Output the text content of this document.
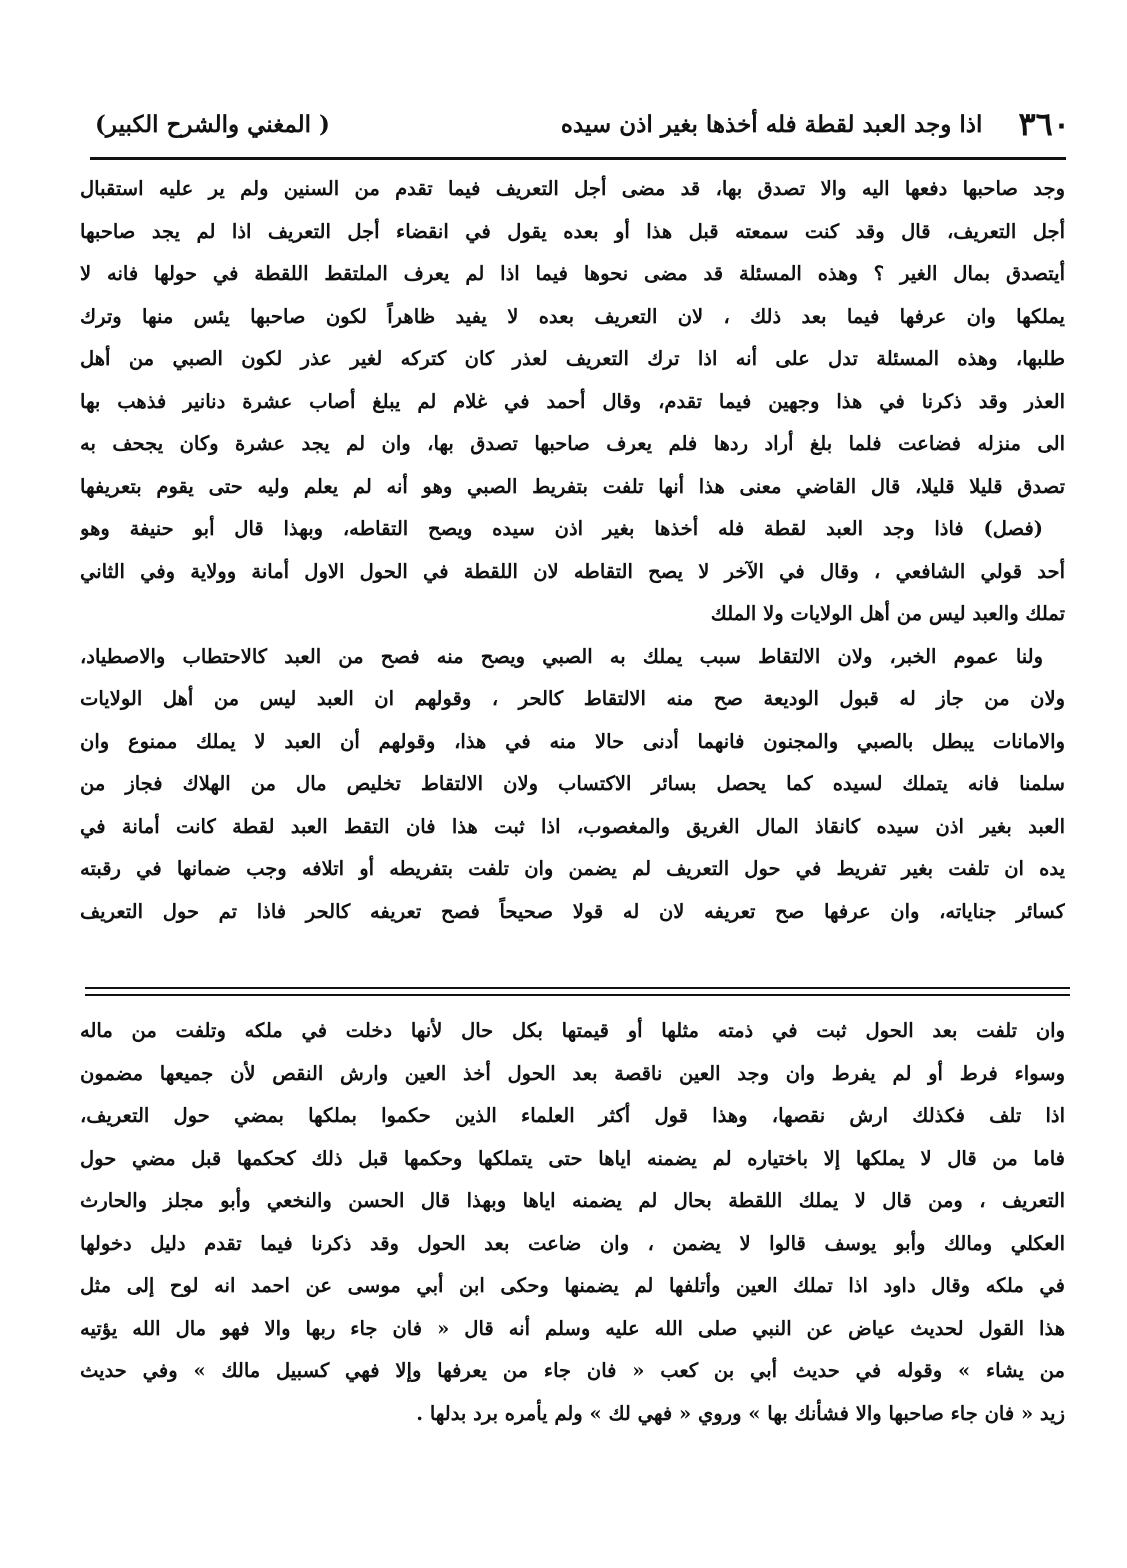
٣٦٠
اذا وجد العبد لقطة فله أخذها بغير اذن سيده
( المغني والشرح الكبير)
وجد صاحبها دفعها اليه والا تصدق بها، قد مضى أجل التعريف فيما تقدم من السنين ولم ير عليه استقبال
أجل التعريف، قال وقد كنت سمعته قبل هذا أو بعده يقول في انقضاء أجل التعريف اذا لم يجد صاحبها
أيتصدق بمال الغير ؟ وهذه المسئلة قد مضى نحوها فيما اذا لم يعرف الملتقط اللقطة في حولها فانه لا
يملكها وان عرفها فيما بعد ذلك ، لان التعريف بعده لا يفيد ظاهراً لكون صاحبها يئس منها وترك
طلبها، وهذه المسئلة تدل على أنه اذا ترك التعريف لعذر كان كتركه لغير عذر لكون الصبي من أهل
العذر وقد ذكرنا في هذا وجهين فيما تقدم، وقال أحمد في غلام لم يبلغ أصاب عشرة دنانير فذهب بها
الى منزله فضاعت فلما بلغ أراد ردها فلم يعرف صاحبها تصدق بها، وان لم يجد عشرة وكان يجحف به
تصدق قليلا قليلا، قال القاضي معنى هذا أنها تلفت بتفريط الصبي وهو أنه لم يعلم وليه حتى يقوم بتعريفها
(فصل) فاذا وجد العبد لقطة فله أخذها بغير اذن سيده ويصح التقاطه، وبهذا قال أبو حنيفة وهو
أحد قولي الشافعي ، وقال في الآخر لا يصح التقاطه لان اللقطة في الحول الاول أمانة وولاية وفي الثاني
تملك والعبد ليس من أهل الولايات ولا الملك
ولنا عموم الخبر، ولان الالتقاط سبب يملك به الصبي ويصح منه فصح من العبد كالاحتطاب والاصطياد،
ولان من جاز له قبول الوديعة صح منه الالتقاط كالحر ، وقولهم ان العبد ليس من أهل الولايات
والامانات يبطل بالصبي والمجنون فانهما أدنى حالا منه في هذا، وقولهم أن العبد لا يملك ممنوع وان
سلمنا فانه يتملك لسيده كما يحصل بسائر الاكتساب ولان الالتقاط تخليص مال من الهلاك فجاز من
العبد بغير اذن سيده كانقاذ المال الغريق والمغصوب، اذا ثبت هذا فان التقط العبد لقطة كانت أمانة في
يده ان تلفت بغير تفريط في حول التعريف لم يضمن وان تلفت بتفريطه أو اتلافه وجب ضمانها في رقبته
كسائر جناياته، وان عرفها صح تعريفه لان له قولا صحيحاً فصح تعريفه كالحر فاذا تم حول التعريف
وان تلفت بعد الحول ثبت في ذمته مثلها أو قيمتها بكل حال لأنها دخلت في ملكه وتلفت من ماله
وسواء فرط أو لم يفرط وان وجد العين ناقصة بعد الحول أخذ العين وارش النقص لأن جميعها مضمون
اذا تلف فكذلك ارش نقصها، وهذا قول أكثر العلماء الذين حكموا بملكها بمضي حول التعريف،
فاما من قال لا يملكها إلا باختياره لم يضمنه اياها حتى يتملكها وحكمها قبل ذلك كحكمها قبل مضي حول
التعريف ، ومن قال لا يملك اللقطة بحال لم يضمنه اياها وبهذا قال الحسن والنخعي وأبو مجلز والحارث
العكلي ومالك وأبو يوسف قالوا لا يضمن ، وان ضاعت بعد الحول وقد ذكرنا فيما تقدم دليل دخولها
في ملكه وقال داود اذا تملك العين وأتلفها لم يضمنها وحكى ابن أبي موسى عن احمد انه لوح إلى مثل
هذا القول لحديث عياض عن النبي صلى الله عليه وسلم أنه قال « فان جاء ربها والا فهو مال الله يؤتيه
من يشاء » وقوله في حديث أبي بن كعب « فان جاء من يعرفها وإلا فهي كسبيل مالك » وفي حديث
زيد « فان جاء صاحبها والا فشأنك بها » وروي « فهي لك » ولم يأمره برد بدلها .
